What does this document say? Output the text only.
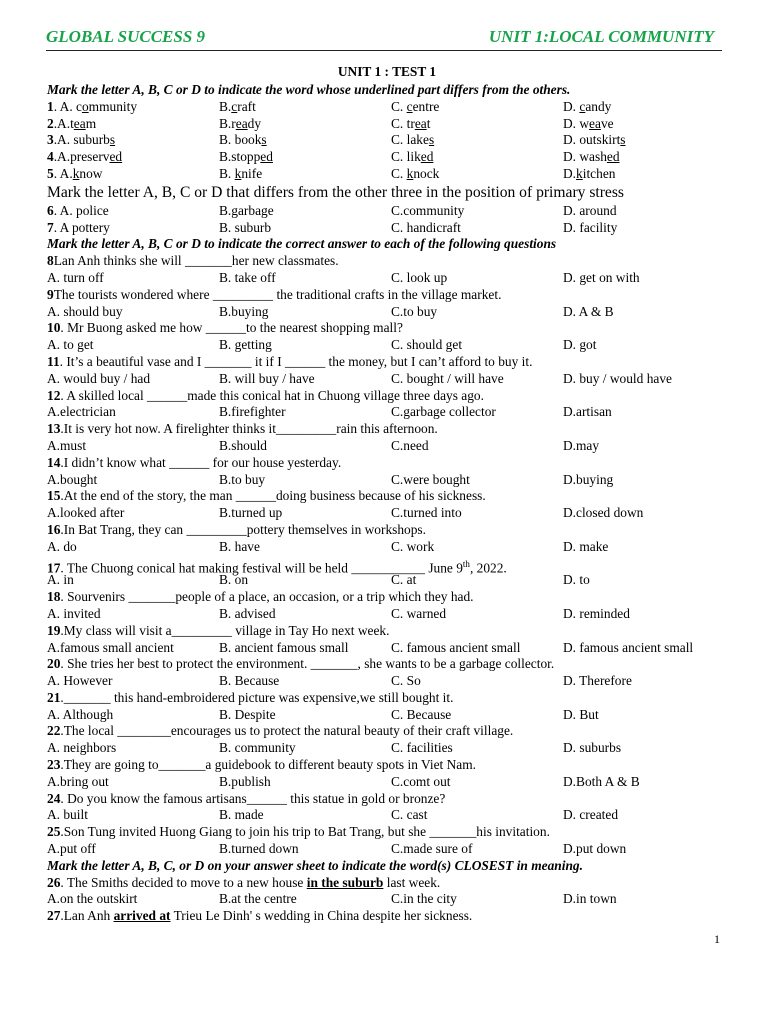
GLOBAL SUCCESS 9	UNIT 1:LOCAL COMMUNITY
UNIT 1 : TEST 1
Mark the letter A, B, C or D to indicate the word whose underlined part differs from the others.
1. A. community	B.craft	C. centre	D. candy
2.A.team	B.ready	C. treat	D. weave
3.A. suburbs	B. books	C. lakes	D. outskirts
4.A.preserved	B.stopped	C. liked	D. washed
5. A.know	B. knife	C. knock	D.kitchen
Mark the letter A, B, C or D that differs from the other three in the position of primary stress
6. A. police	B.garbage	C.community	D. around
7. A pottery	B. suburb	C. handicraft	D. facility
Mark the letter A, B, C or D to indicate the correct answer to each of the following questions
8Lan Anh thinks she will _______her new classmates.
A. turn off	B. take off	C. look up	D. get on with
9The tourists wondered where _________ the traditional crafts in the village market.
A. should buy	B.buying	C.to buy	D. A & B
10. Mr Buong asked me how ______to the nearest shopping mall?
A. to get	B. getting	C. should get	D. got
11. It’s a beautiful vase and I _______ it if I ______ the money, but I can’t afford to buy it.
A. would buy / had	B. will buy / have	C. bought / will have	D. buy / would have
12. A skilled local ______made this conical hat in Chuong village three days ago.
A.electrician	B.firefighter	C.garbage collector	D.artisan
13.It is very hot now. A firelighter thinks it_________rain this afternoon.
A.must	B.should	C.need	D.may
14.I didn’t know what ______ for our house yesterday.
A.bought	B.to buy	C.were bought	D.buying
15.At the end of the story, the man ______doing business because of his sickness.
A.looked after	B.turned up	C.turned into	D.closed down
16.In Bat Trang, they can _________pottery themselves in workshops.
A. do	B. have	C. work	D. make
17. The Chuong conical hat making festival will be held ___________ June 9th, 2022.
A. in	B. on	C. at	D. to
18. Sourvenirs _______people of a place, an occasion, or a trip which they had.
A. invited	B. advised	C. warned	D. reminded
19.My class will visit a_________ village in Tay Ho next week.
A.famous small ancient	B. ancient famous small	C. famous ancient small	D. famous ancient small
20. She tries her best to protect the environment. _______, she wants to be a garbage collector.
A. However	B. Because	C. So	D. Therefore
21._______ this hand-embroidered picture was expensive,we still bought it.
A. Although	B. Despite	C. Because	D. But
22.The local ________encourages us to protect the natural beauty of their craft village.
A. neighbors	B. community	C. facilities	D. suburbs
23.They are going to_______a guidebook to different beauty spots in Viet Nam.
A.bring out	B.publish	C.comt out	D.Both A & B
24. Do you know the famous artisans______ this statue in gold or bronze?
A. built	B. made	C. cast	D. created
25.Son Tung invited Huong Giang to join his trip to Bat Trang, but she _______his invitation.
A.put off	B.turned down	C.made sure of	D.put down
Mark the letter A, B, C, or D on your answer sheet to indicate the word(s) CLOSEST in meaning.
26. The Smiths decided to move to a new house in the suburb last week.
A.on the outskirt	B.at the centre	C.in the city	D.in town
27.Lan Anh arrived at Trieu Le Dinh' s wedding in China despite her sickness.
1
